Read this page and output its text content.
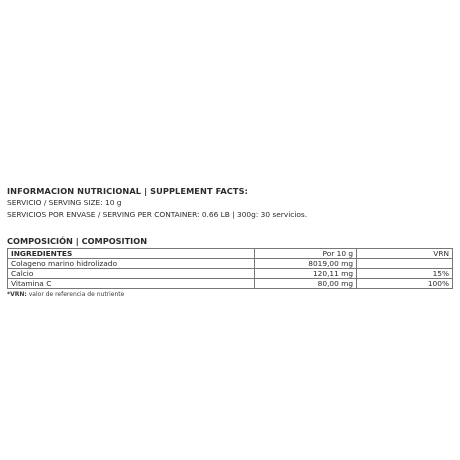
INFORMACION NUTRICIONAL | SUPPLEMENT FACTS:

SERVICIO / SERVING SIZE: 10 g

SERVICIOS POR ENVASE / SERVING PER CONTAINER: 0.66 LB | 300g: 30 servicios.

COMPOSICIÓN | COMPOSITION

INGREDIENTES	Por 10 g	VRN
Colageno marino hidrolizado	8019,00 mg	
Calcio	120,11 mg	15%
Vitamina C	80,00 mg	100%

*VRN: valor de referencia de nutriente
